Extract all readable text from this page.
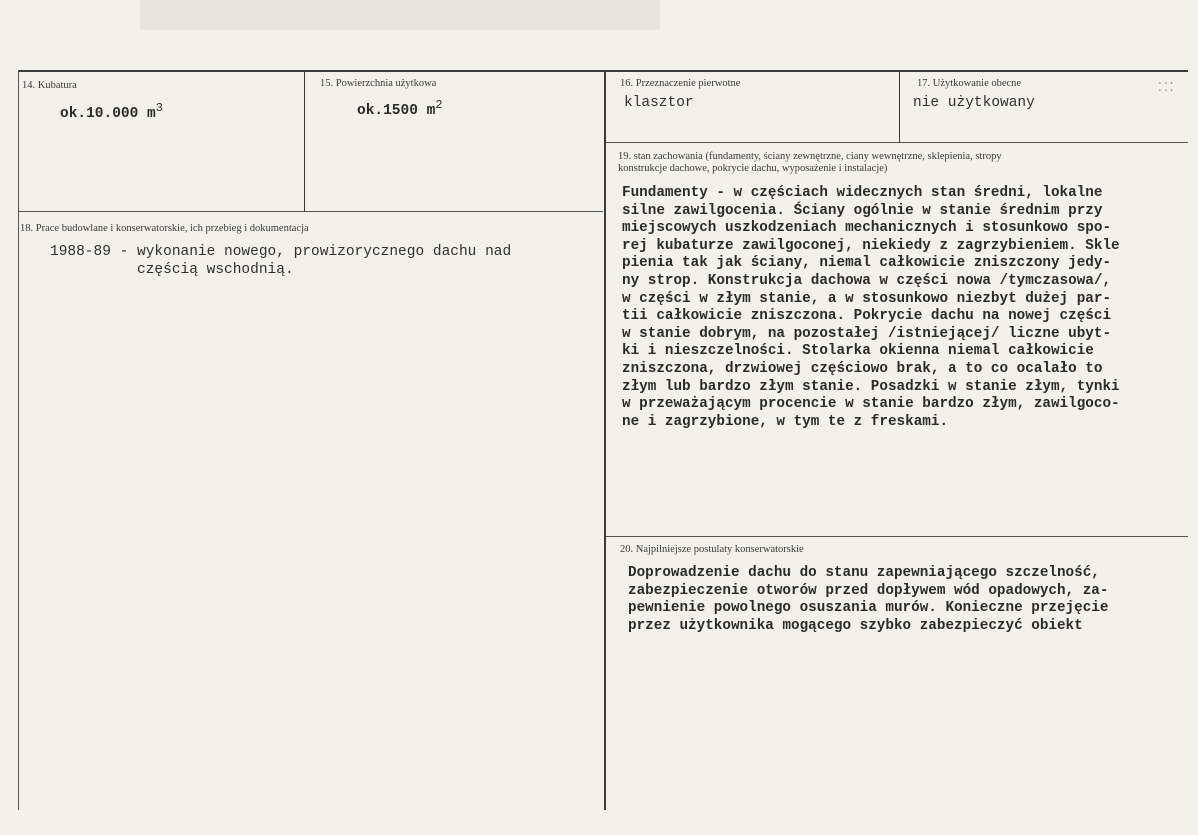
14. Kubatura
ok.10.000 $m^3$
15. Powierzchnia użytkowa
ok.1500 $m^2$
16. Przeznaczenie pierwotne
klasztor
17. Użytkowanie obecne
nie użytkowany
⁚⁚⁚
18. Prace budowlane i konserwatorskie, ich przebieg i dokumentacja
1988-89 - wykonanie nowego, prowizorycznego dachu nad
częścią wschodnią.
19. stan zachowania (fundamenty, ściany zewnętrzne, ciany wewnętrzne, sklepienia, stropy
konstrukcje dachowe, pokrycie dachu, wyposażenie i instalacje)
Fundamenty - w częściach widecznych stan średni, lokalne
silne zawilgocenia. Ściany ogólnie w stanie średnim przy
miejscowych uszkodzeniach mechanicznych i stosunkowo spo-
rej kubaturze zawilgoconej, niekiedy z zagrzybieniem. Skle
pienia tak jak ściany, niemal całkowicie zniszczony jedy-
ny strop. Konstrukcja dachowa w części nowa /tymczasowa/,
w części w złym stanie, a w stosunkowo niezbyt dużej par-
tii całkowicie zniszczona. Pokrycie dachu na nowej części
w stanie dobrym, na pozostałej /istniejącej/ liczne ubyt-
ki i nieszczelności. Stolarka okienna niemal całkowicie
zniszczona, drzwiowej częściowo brak, a to co ocalało to
złym lub bardzo złym stanie. Posadzki w stanie złym, tynki
w przeważającym procencie w stanie bardzo złym, zawilgoco-
ne i zagrzybione, w tym te z freskami.
20. Najpilniejsze postulaty konserwatorskie
Doprowadzenie dachu do stanu zapewniającego szczelność,
zabezpieczenie otworów przed dopływem wód opadowych, za-
pewnienie powolnego osuszania murów. Konieczne przejęcie
przez użytkownika mogącego szybko zabezpieczyć obiekt
